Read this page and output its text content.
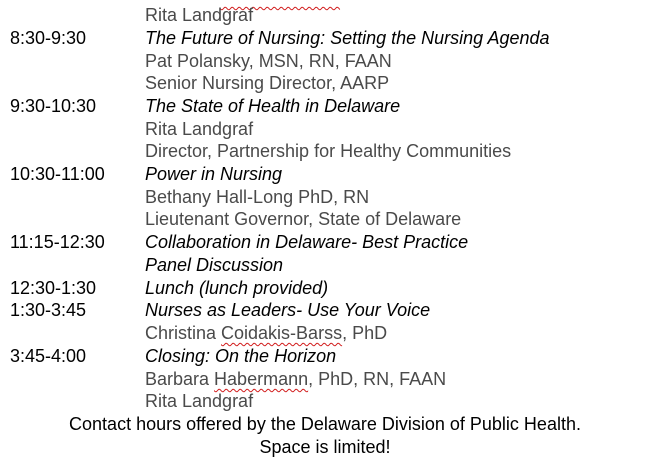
Rita Landgraf
8:30-9:30	The Future of Nursing: Setting the Nursing Agenda
Pat Polansky, MSN, RN, FAAN
Senior Nursing Director, AARP
9:30-10:30	The State of Health in Delaware
Rita Landgraf
Director, Partnership for Healthy Communities
10:30-11:00 Power in Nursing
Bethany Hall-Long PhD, RN
Lieutenant Governor, State of Delaware
11:15-12:30 Collaboration in Delaware- Best Practice
Panel Discussion
12:30-1:30	Lunch (lunch provided)
1:30-3:45	Nurses as Leaders- Use Your Voice
Christina Coidakis-Barss, PhD
3:45-4:00	Closing: On the Horizon
Barbara Habermann, PhD, RN, FAAN
Rita Landgraf
Contact hours offered by the Delaware Division of Public Health.
Space is limited!
